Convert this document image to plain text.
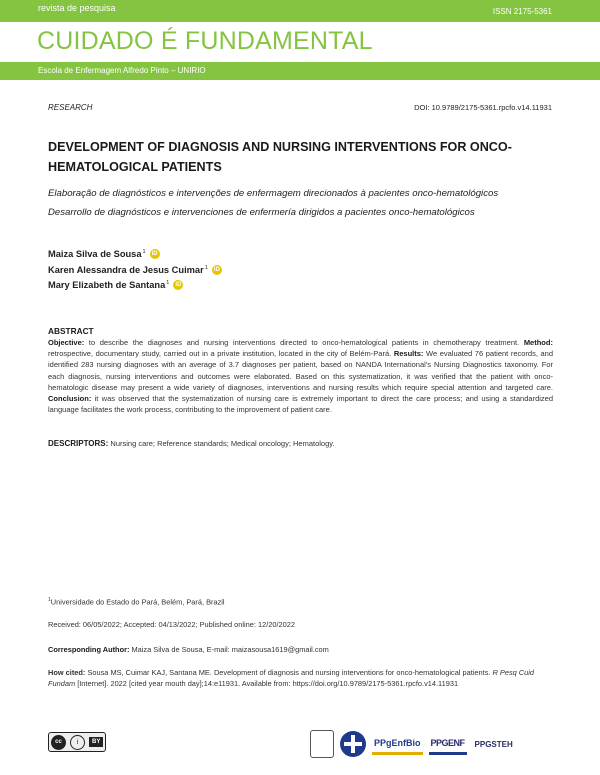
revista de pesquisa	ISSN 2175-5361
CUIDADO É FUNDAMENTAL
Escola de Enfermagem Alfredo Pinto – UNIRIO
RESEARCH	DOI: 10.9789/2175-5361.rpcfo.v14.11931
DEVELOPMENT OF DIAGNOSIS AND NURSING INTERVENTIONS FOR ONCO-HEMATOLOGICAL PATIENTS
Elaboração de diagnósticos e intervenções de enfermagem direcionados à pacientes onco-hematológicos
Desarrollo de diagnósticos e intervenciones de enfermería dirigidos a pacientes onco-hematológicos
Maiza Silva de Sousa$^1$	iD
Karen Alessandra de Jesus Cuimar$^1$	iD
Mary Elizabeth de Santana$^1$	iD
ABSTRACT
Objective: to describe the diagnoses and nursing interventions directed to onco-hematological patients in chemotherapy treatment. Method: retrospective, documentary study, carried out in a private institution, located in the city of Belém-Pará. Results: We evaluated 76 patient records, and identified 283 nursing diagnoses with an average of 3.7 diagnoses per patient, based on NANDA International's Nursing Diagnostics taxonomy. For each diagnosis, nursing interventions and outcomes were elaborated. Based on this systematization, it was verified that the patient with onco-hematologic disease may present a wide variety of diagnoses, interventions and nursing results which require special attention and targeted care. Conclusion: it was observed that the systematization of nursing care is extremely important to direct the care process; and using a standardized language facilitates the work process, contributing to the improvement of patient care.
DESCRIPTORS: Nursing care; Reference standards; Medical oncology; Hematology.
$^1$Universidade do Estado do Pará, Belém, Pará, Brazil
Received: 06/05/2022; Accepted: 04/13/2022; Published online: 12/20/2022
Corresponding Author: Maiza Silva de Sousa, E-mail: maizasousa1619@gmail.com
How cited: Sousa MS, Cuimar KAJ, Santana ME. Development of diagnosis and nursing interventions for onco-hematological patients. R Pesq Cuid Fundam [Internet]. 2022 [cited year mouth day];14:e11931. Available from: https://doi.org/10.9789/2175-5361.rpcfo.v14.11931
cc	i	BY	PPgEnfBio PPGENF PPGSTEH
